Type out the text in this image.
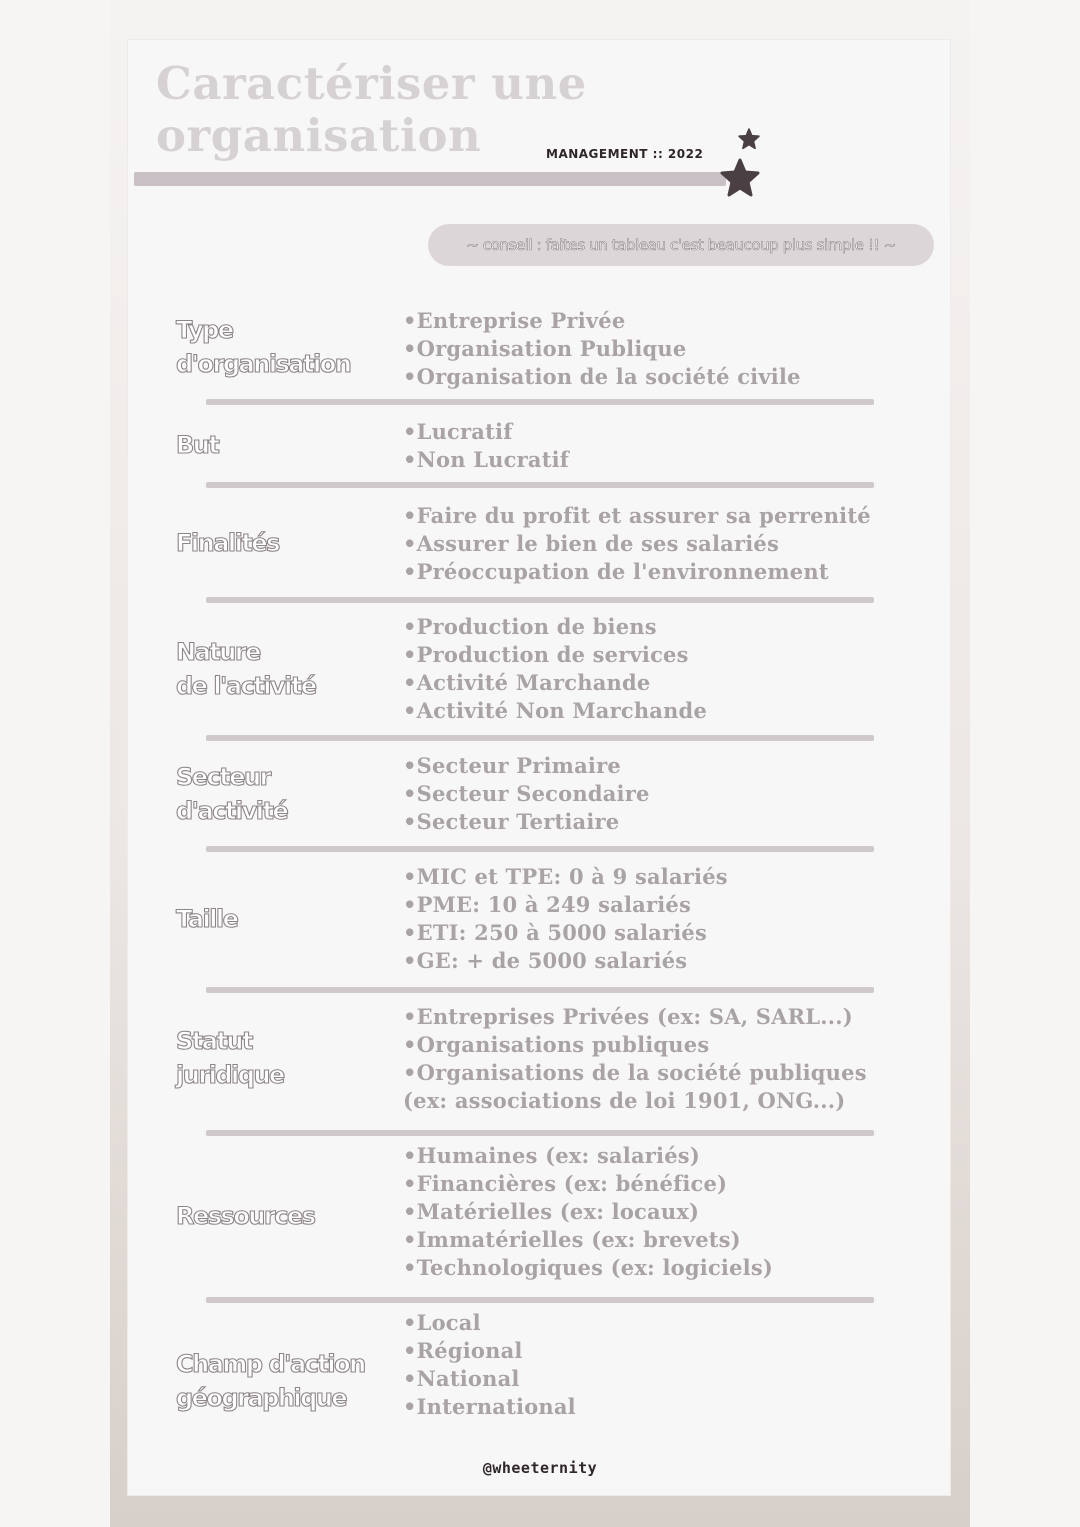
Caractériser une
organisation	MANAGEMENT :: 2022
~ conseil : faites un tableau c'est beaucoup plus simple !! ~
Type
d'organisation
• Entreprise Privée
• Organisation Publique
• Organisation de la société civile
But
•	Lucratif
• Non Lucratif
Finalités
• Faire du profit et assurer sa perrenité
• Assurer le bien de ses salariés
• Préoccupation de l'environnement
Nature
de l'activité
• Production de biens
• Production de services
• Activité Marchande
• Activité Non Marchande
Secteur
d'activité
• Secteur Primaire
• Secteur Secondaire
• Secteur Tertiaire
Taille
• MIC et TPE: 0 à 9 salariés
• PME: 10 à 249 salariés
• ETI: 250 à 5000 salariés
• GE: + de 5000 salariés
Statut
juridique
• Entreprises Privées (ex: SA, SARL...)
• Organisations publiques
• Organisations de la société publiques
(ex: associations de loi 1901, ONG...)
Ressources
• Humaines (ex: salariés)
• Financières (ex: bénéfice)
• Matérielles (ex: locaux)
• Immatérielles (ex: brevets)
• Technologiques (ex: logiciels)
Champ d'action
géographique
• Local
• Régional
• National
• International
@wheeternity
